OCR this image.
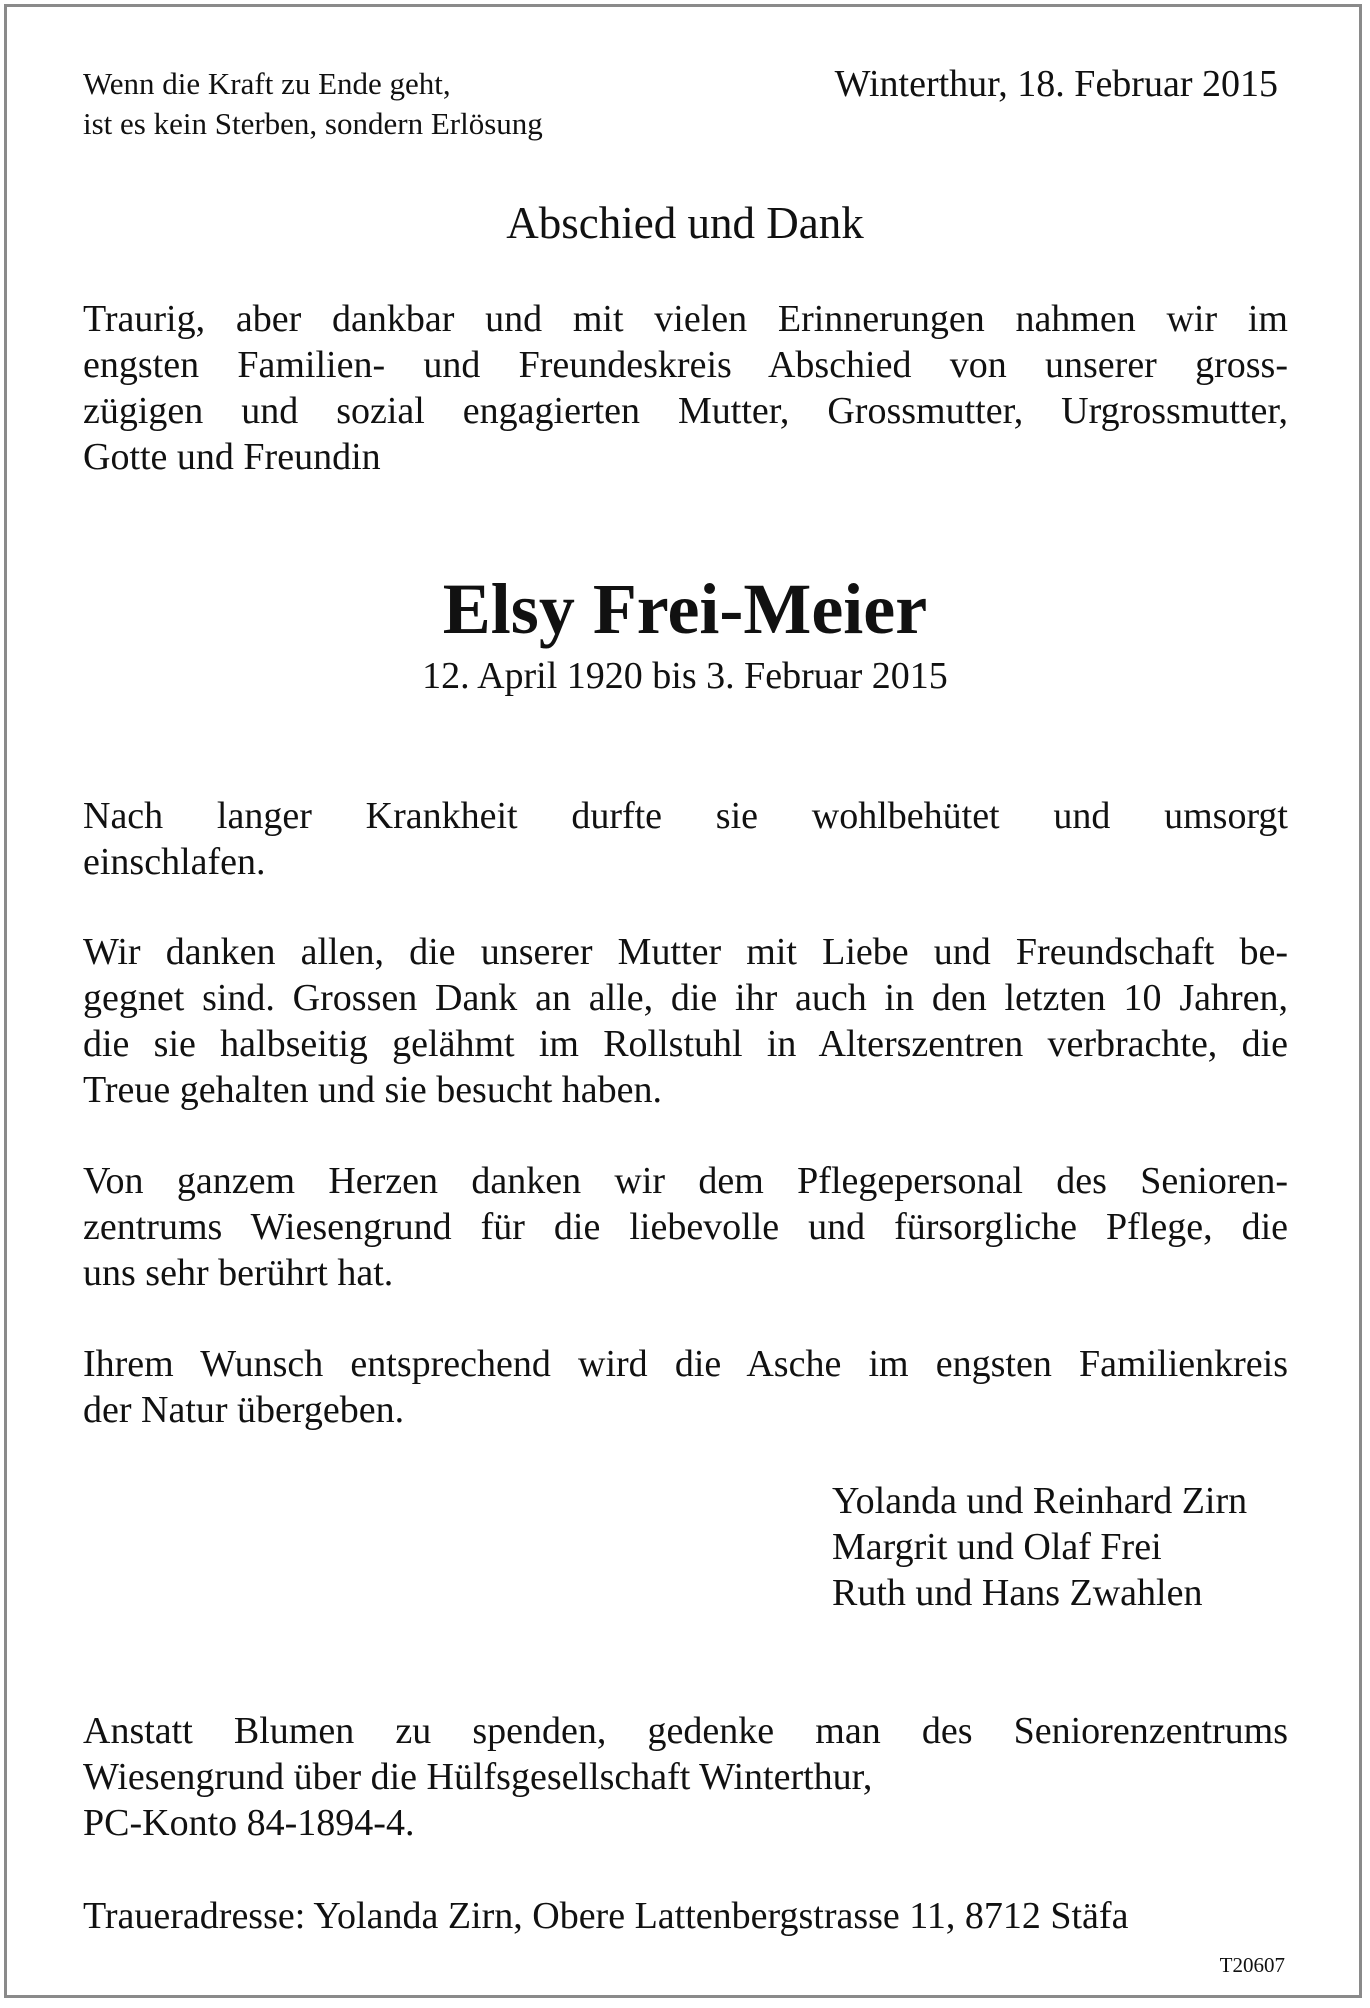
Wenn die Kraft zu Ende geht,
ist es kein Sterben, sondern Erlösung
Winterthur, 18. Februar 2015
Abschied und Dank
Traurig, aber dankbar und mit vielen Erinnerungen nahmen wir im
engsten Familien- und Freundeskreis Abschied von unserer gross-
zügigen und sozial engagierten Mutter, Grossmutter, Urgrossmutter,
Gotte und Freundin
Elsy Frei-Meier
12. April 1920 bis 3. Februar 2015
Nach langer Krankheit durfte sie wohlbehütet und umsorgt
einschlafen.
Wir danken allen, die unserer Mutter mit Liebe und Freundschaft be-
gegnet sind. Grossen Dank an alle, die ihr auch in den letzten 10 Jahren,
die sie halbseitig gelähmt im Rollstuhl in Alterszentren verbrachte, die
Treue gehalten und sie besucht haben.
Von ganzem Herzen danken wir dem Pflegepersonal des Senioren-
zentrums Wiesengrund für die liebevolle und fürsorgliche Pflege, die
uns sehr berührt hat.
Ihrem Wunsch entsprechend wird die Asche im engsten Familienkreis
der Natur übergeben.
Yolanda und Reinhard Zirn
Margrit und Olaf Frei
Ruth und Hans Zwahlen
Anstatt Blumen zu spenden, gedenke man des Seniorenzentrums
Wiesengrund über die Hülfsgesellschaft Winterthur,
PC-Konto 84-1894-4.
Traueradresse: Yolanda Zirn, Obere Lattenbergstrasse 11, 8712 Stäfa
T20607
